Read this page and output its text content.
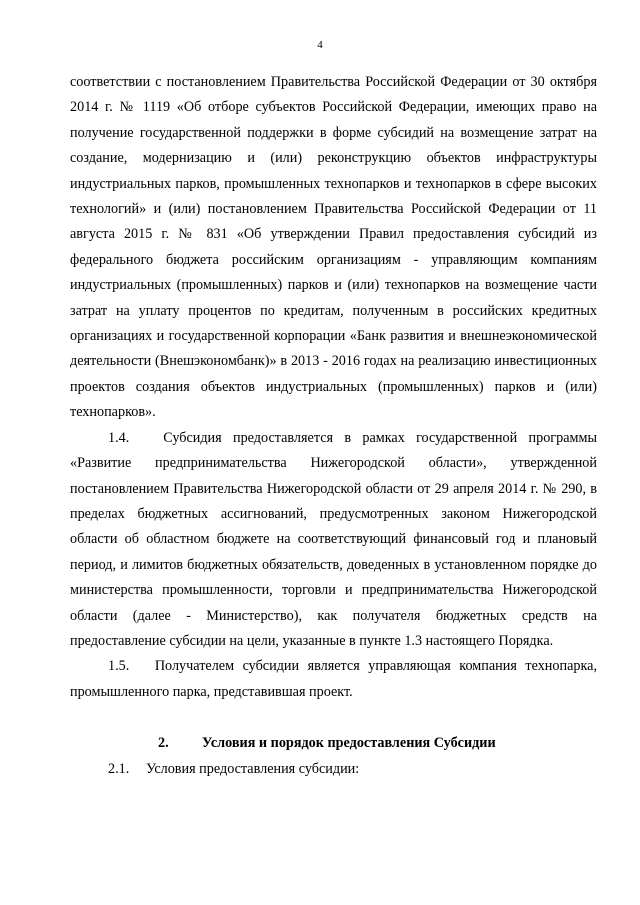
4

соответствии с постановлением Правительства Российской Федерации от 30 октября 2014 г. № 1119 «Об отборе субъектов Российской Федерации, имеющих право на получение государственной поддержки в форме субсидий на возмещение затрат на создание, модернизацию и (или) реконструкцию объектов инфраструктуры индустриальных парков, промышленных технопарков и технопарков в сфере высоких технологий» и (или) постановлением Правительства Российской Федерации от 11 августа 2015 г. № 831 «Об утверждении Правил предоставления субсидий из федерального бюджета российским организациям - управляющим компаниям индустриальных (промышленных) парков и (или) технопарков на возмещение части затрат на уплату процентов по кредитам, полученным в российских кредитных организациях и государственной корпорации «Банк развития и внешнеэкономической деятельности (Внешэкономбанк)» в 2013 - 2016 годах на реализацию инвестиционных проектов создания объектов индустриальных (промышленных) парков и (или) технопарков».

1.4.   Субсидия предоставляется в рамках государственной программы «Развитие предпринимательства Нижегородской области», утвержденной постановлением Правительства Нижегородской области от 29 апреля 2014 г. № 290, в пределах бюджетных ассигнований, предусмотренных законом Нижегородской области об областном бюджете на соответствующий финансовый год и плановый период, и лимитов бюджетных обязательств, доведенных в установленном порядке до министерства промышленности, торговли и предпринимательства Нижегородской области (далее - Министерство), как получателя бюджетных средств на предоставление субсидии на цели, указанные в пункте 1.3 настоящего Порядка.

1.5.   Получателем субсидии является управляющая компания технопарка, промышленного парка, представившая проект.

2. Условия и порядок предоставления Субсидии
2.1. Условия предоставления субсидии:
